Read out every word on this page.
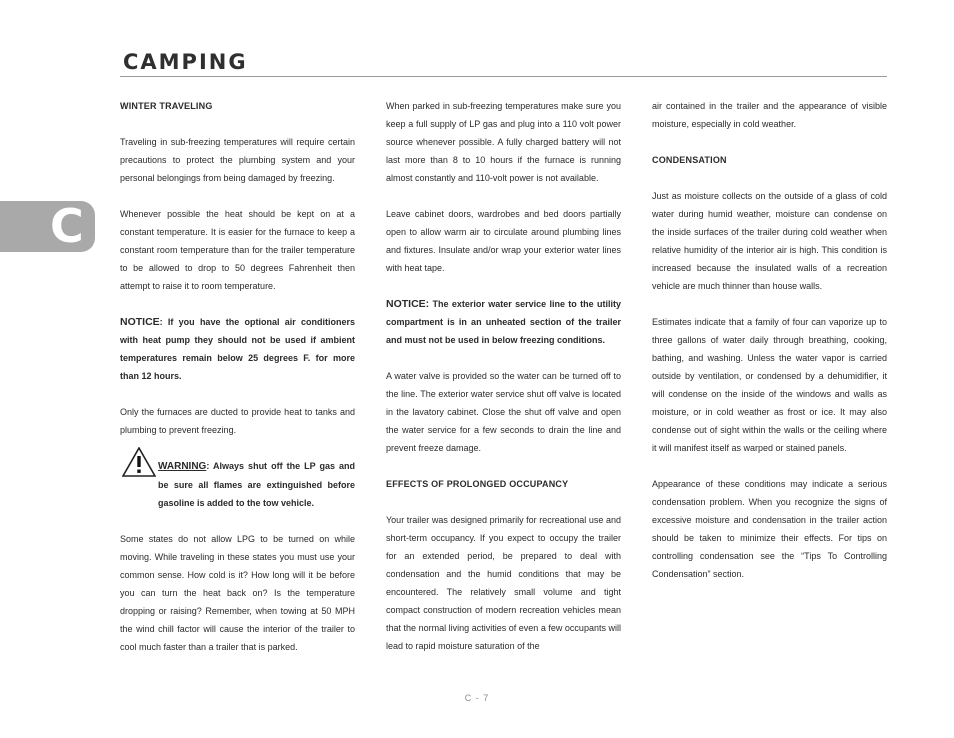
CAMPING
C

WINTER TRAVELING

Traveling in sub-freezing temperatures will require certain precautions to protect the plumbing system and your personal belongings from being damaged by freezing.

Whenever possible the heat should be kept on at a constant temperature. It is easier for the furnace to keep a constant room temperature than for the trailer temperature to be allowed to drop to 50 degrees Fahrenheit then attempt to raise it to room temperature.

NOTICE: If you have the optional air conditioners with heat pump they should not be used if ambient temperatures remain below 25 degrees F. for more than 12 hours.

Only the furnaces are ducted to provide heat to tanks and plumbing to prevent freezing.

WARNING: Always shut off the LP gas and be sure all flames are extinguished before gasoline is added to the tow vehicle.

Some states do not allow LPG to be turned on while moving. While traveling in these states you must use your common sense. How cold is it? How long will it be before you can turn the heat back on? Is the temperature dropping or raising? Remember, when towing at 50 MPH the wind chill factor will cause the interior of the trailer to cool much faster than a trailer that is parked.

When parked in sub-freezing temperatures make sure you keep a full supply of LP gas and plug into a 110 volt power source whenever possible. A fully charged battery will not last more than 8 to 10 hours if the furnace is running almost constantly and 110-volt power is not available.

Leave cabinet doors, wardrobes and bed doors partially open to allow warm air to circulate around plumbing lines and fixtures. Insulate and/or wrap your exterior water lines with heat tape.

NOTICE: The exterior water service line to the utility compartment is in an unheated section of the trailer and must not be used in below freezing conditions.

A water valve is provided so the water can be turned off to the line. The exterior water service shut off valve is located in the lavatory cabinet. Close the shut off valve and open the water service for a few seconds to drain the line and prevent freeze damage.

EFFECTS OF PROLONGED OCCUPANCY

Your trailer was designed primarily for recreational use and short-term occupancy. If you expect to occupy the trailer for an extended period, be prepared to deal with condensation and the humid conditions that may be encountered. The relatively small volume and tight compact construction of modern recreation vehicles mean that the normal living activities of even a few occupants will lead to rapid moisture saturation of the

air contained in the trailer and the appearance of visible moisture, especially in cold weather.

CONDENSATION

Just as moisture collects on the outside of a glass of cold water during humid weather, moisture can condense on the inside surfaces of the trailer during cold weather when relative humidity of the interior air is high. This condition is increased because the insulated walls of a recreation vehicle are much thinner than house walls.

Estimates indicate that a family of four can vaporize up to three gallons of water daily through breathing, cooking, bathing, and washing. Unless the water vapor is carried outside by ventilation, or condensed by a dehumidifier, it will condense on the inside of the windows and walls as moisture, or in cold weather as frost or ice. It may also condense out of sight within the walls or the ceiling where it will manifest itself as warped or stained panels.

Appearance of these conditions may indicate a serious condensation problem. When you recognize the signs of excessive moisture and condensation in the trailer action should be taken to minimize their effects. For tips on controlling condensation see the “Tips To Controlling Condensation” section.

C - 7
